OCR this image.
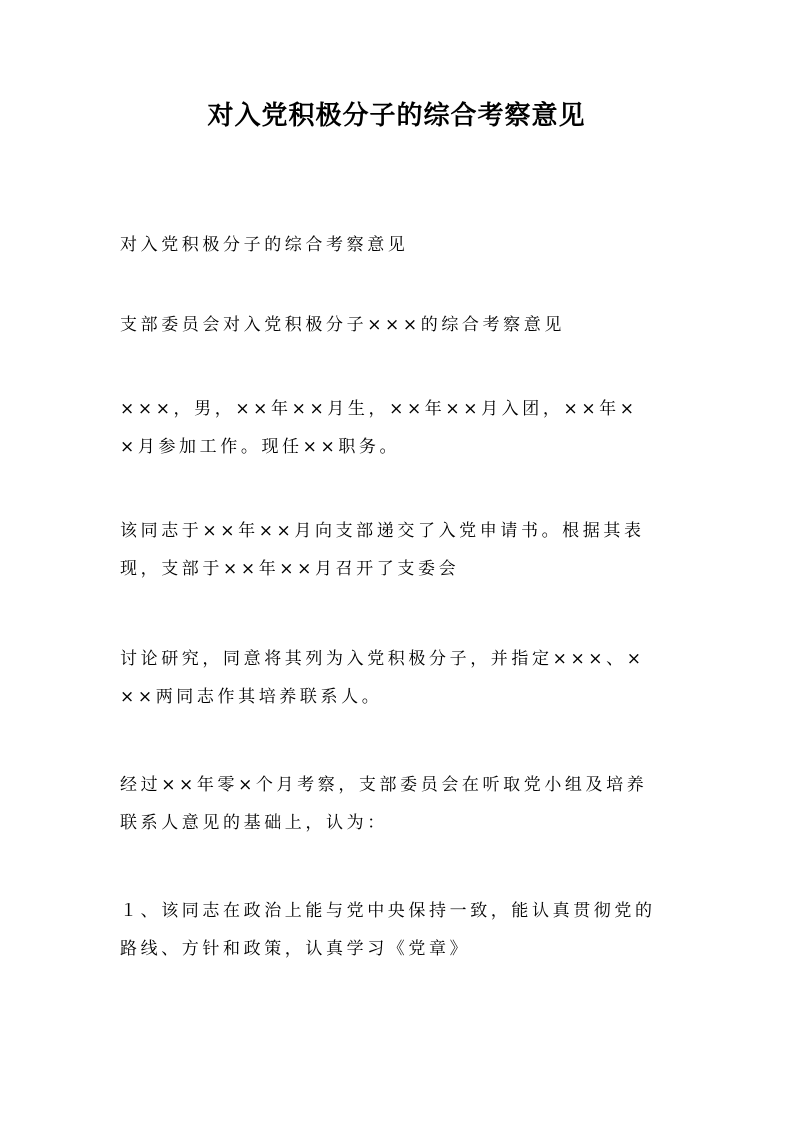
对入党积极分子的综合考察意见

对入党积极分子的综合考察意见

支部委员会对入党积极分子×××的综合考察意见

×××，男，××年××月生，××年××月入团，××年×
×月参加工作。现任××职务。

该同志于××年××月向支部递交了入党申请书。根据其表
现，支部于××年××月召开了支委会

讨论研究，同意将其列为入党积极分子，并指定×××、×
××两同志作其培养联系人。

经过××年零×个月考察，支部委员会在听取党小组及培养
联系人意见的基础上，认为：

１、该同志在政治上能与党中央保持一致，能认真贯彻党的
路线、方针和政策，认真学习《党章》
